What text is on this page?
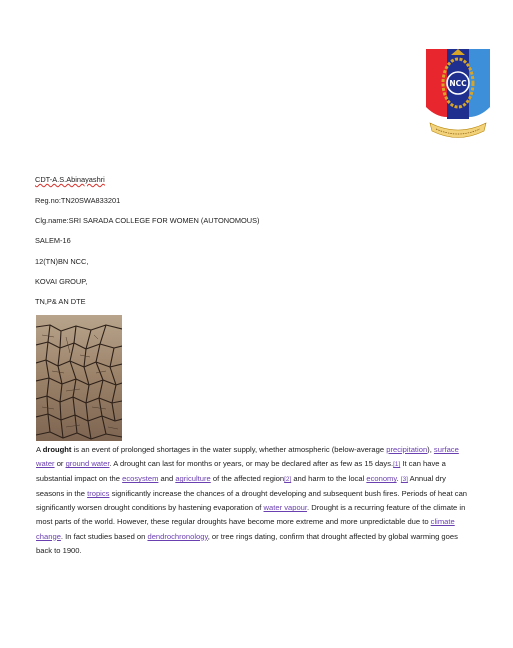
NCC
CDT-A.S.Abinayashri
Reg.no:TN20SWA833201
Clg.name:SRI SARADA COLLEGE FOR WOMEN (AUTONOMOUS)
SALEM-16
12(TN)BN NCC,
KOVAI GROUP,
TN,P& AN DTE
A drought is an event of prolonged shortages in the water supply, whether atmospheric (below-average precipitation), surface water or ground water. A drought can last for months or years, or may be declared after as few as 15 days.[1] It can have a substantial impact on the ecosystem and agriculture of the affected region[2] and harm to the local economy. [3] Annual dry seasons in the tropics significantly increase the chances of a drought developing and subsequent bush fires. Periods of heat can significantly worsen drought conditions by hastening evaporation of water vapour. Drought is a recurring feature of the climate in most parts of the world. However, these regular droughts have become more extreme and more unpredictable due to climate change. In fact studies based on dendrochronology, or tree rings dating, confirm that drought affected by global warming goes back to 1900.
